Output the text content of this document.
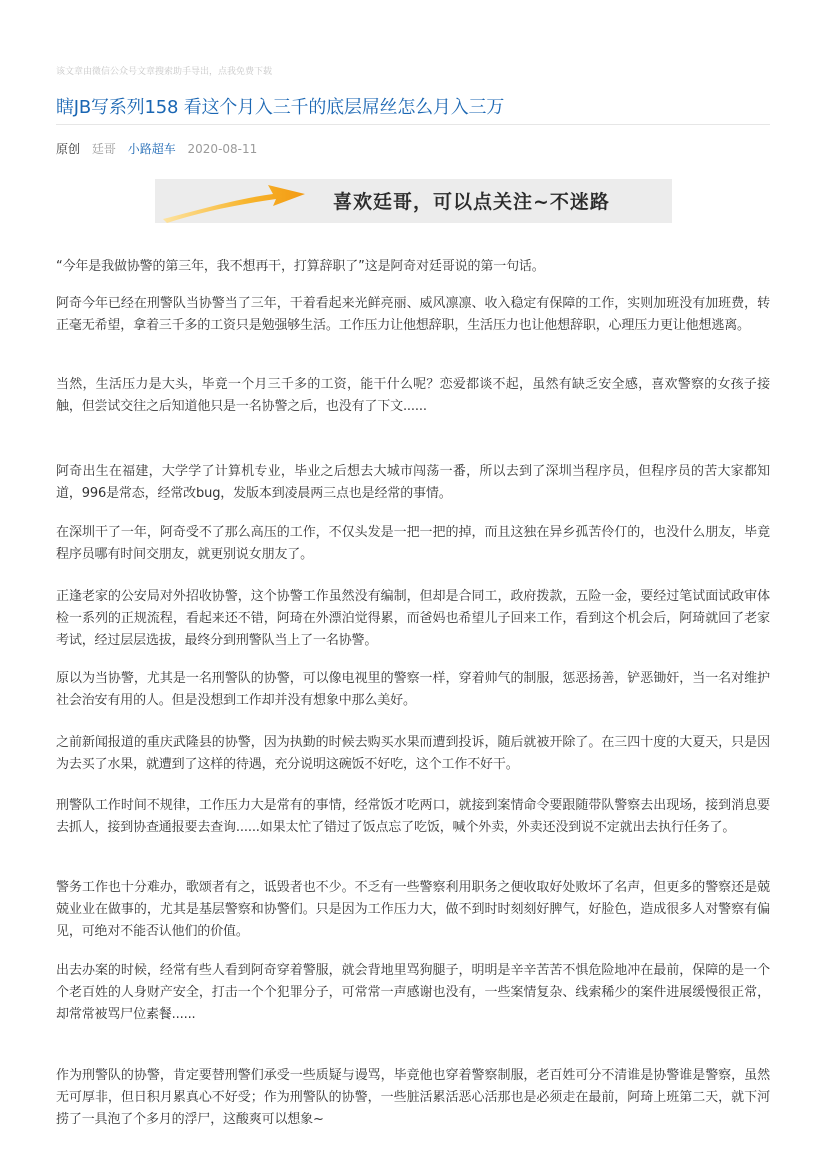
该文章由微信公众号文章搜索助手导出，点我免费下载
瞎JB写系列158 看这个月入三千的底层屌丝怎么月入三万
原创 廷哥 小路超车 2020-08-11
喜欢廷哥，可以点关注~不迷路

“今年是我做协警的第三年，我不想再干，打算辞职了”这是阿奇对廷哥说的第一句话。

阿奇今年已经在刑警队当协警当了三年，干着看起来光鲜亮丽、威风凛凛、收入稳定有保障的工作，实则加班没有加班费，转正毫无希望，拿着三千多的工资只是勉强够生活。工作压力让他想辞职，生活压力也让他想辞职，心理压力更让他想逃离。

当然，生活压力是大头，毕竟一个月三千多的工资，能干什么呢？恋爱都谈不起，虽然有缺乏安全感，喜欢警察的女孩子接触，但尝试交往之后知道他只是一名协警之后，也没有了下文......

阿奇出生在福建，大学学了计算机专业，毕业之后想去大城市闯荡一番，所以去到了深圳当程序员，但程序员的苦大家都知道，996是常态，经常改bug，发版本到凌晨两三点也是经常的事情。

在深圳干了一年，阿奇受不了那么高压的工作，不仅头发是一把一把的掉，而且这独在异乡孤苦伶仃的，也没什么朋友，毕竟程序员哪有时间交朋友，就更别说女朋友了。

正逢老家的公安局对外招收协警，这个协警工作虽然没有编制，但却是合同工，政府拨款，五险一金，要经过笔试面试政审体检一系列的正规流程，看起来还不错，阿琦在外漂泊觉得累，而爸妈也希望儿子回来工作，看到这个机会后，阿琦就回了老家考试，经过层层选拔，最终分到刑警队当上了一名协警。

原以为当协警，尤其是一名刑警队的协警，可以像电视里的警察一样，穿着帅气的制服，惩恶扬善，铲恶锄奸，当一名对维护社会治安有用的人。但是没想到工作却并没有想象中那么美好。

之前新闻报道的重庆武隆县的协警，因为执勤的时候去购买水果而遭到投诉，随后就被开除了。在三四十度的大夏天，只是因为去买了水果，就遭到了这样的待遇，充分说明这碗饭不好吃，这个工作不好干。

刑警队工作时间不规律，工作压力大是常有的事情，经常饭才吃两口，就接到案情命令要跟随带队警察去出现场，接到消息要去抓人，接到协查通报要去查询......如果太忙了错过了饭点忘了吃饭，喊个外卖，外卖还没到说不定就出去执行任务了。

警务工作也十分难办，歌颂者有之，诋毁者也不少。不乏有一些警察利用职务之便收取好处败坏了名声，但更多的警察还是兢兢业业在做事的，尤其是基层警察和协警们。只是因为工作压力大，做不到时时刻刻好脾气，好脸色，造成很多人对警察有偏见，可绝对不能否认他们的价值。

出去办案的时候，经常有些人看到阿奇穿着警服，就会背地里骂狗腿子，明明是辛辛苦苦不惧危险地冲在最前，保障的是一个个老百姓的人身财产安全，打击一个个犯罪分子，可常常一声感谢也没有，一些案情复杂、线索稀少的案件进展缓慢很正常，却常常被骂尸位素餐......

作为刑警队的协警，肯定要替刑警们承受一些质疑与谩骂，毕竟他也穿着警察制服，老百姓可分不清谁是协警谁是警察，虽然无可厚非，但日积月累真心不好受；作为刑警队的协警，一些脏活累活恶心活那也是必须走在最前，阿琦上班第二天，就下河捞了一具泡了个多月的浮尸，这酸爽可以想象~
